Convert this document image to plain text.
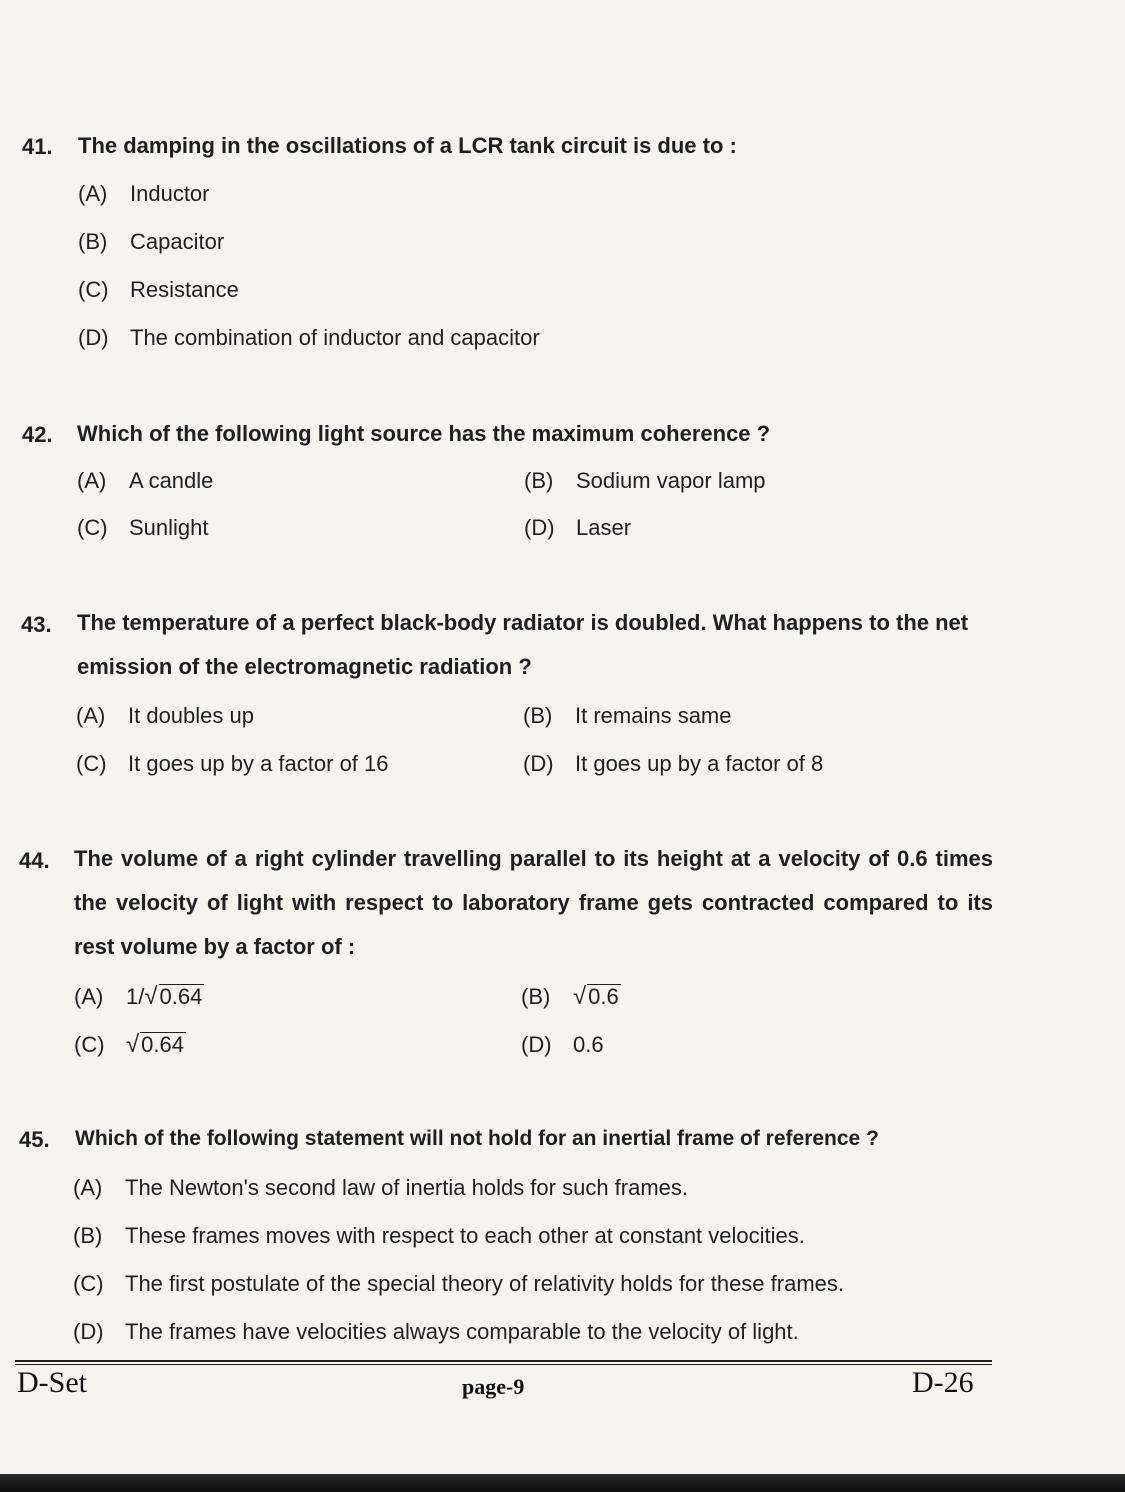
41. The damping in the oscillations of a LCR tank circuit is due to :
(A) Inductor
(B) Capacitor
(C) Resistance
(D) The combination of inductor and capacitor
42. Which of the following light source has the maximum coherence ?
(A) A candle	(B) Sodium vapor lamp
(C) Sunlight	(D) Laser
43. The temperature of a perfect black-body radiator is doubled. What happens to the net emission of the electromagnetic radiation ?
(A) It doubles up	(B) It remains same
(C) It goes up by a factor of 16	(D) It goes up by a factor of 8
44. The volume of a right cylinder travelling parallel to its height at a velocity of 0.6 times the velocity of light with respect to laboratory frame gets contracted compared to its rest volume by a factor of :
(A) 1/ √ 0.64	(B) √ 0.6
(C) √ 0.64	(D) 0.6
45. Which of the following statement will not hold for an inertial frame of reference ?
(A) The Newton's second law of inertia holds for such frames.
(B) These frames moves with respect to each other at constant velocities.
(C) The first postulate of the special theory of relativity holds for these frames.
(D) The frames have velocities always comparable to the velocity of light.
D-Set	page-9	D-26
